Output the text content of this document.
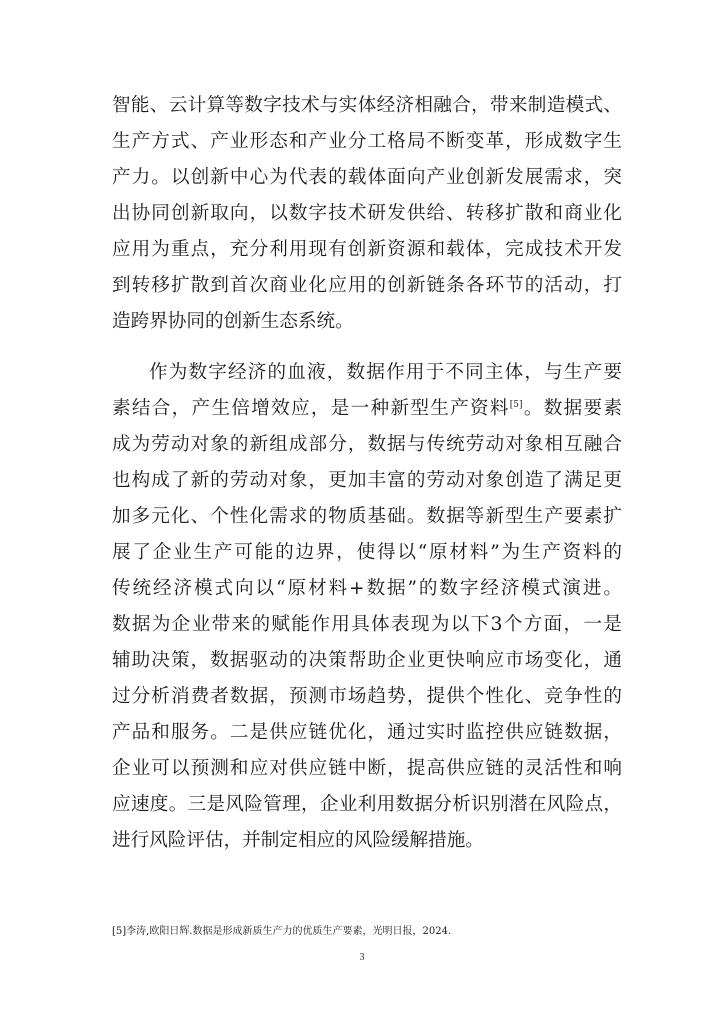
智能、云计算等数字技术与实体经济相融合，带来制造模式、
生产方式、产业形态和产业分工格局不断变革，形成数字生
产力。以创新中心为代表的载体面向产业创新发展需求，突
出协同创新取向，以数字技术研发供给、转移扩散和商业化
应用为重点，充分利用现有创新资源和载体，完成技术开发
到转移扩散到首次商业化应用的创新链条各环节的活动，打
造跨界协同的创新生态系统。
作为数字经济的血液，数据作用于不同主体，与生产要
素结合，产生倍增效应，是一种新型生产资料[5]。数据要素
成为劳动对象的新组成部分，数据与传统劳动对象相互融合
也构成了新的劳动对象，更加丰富的劳动对象创造了满足更
加多元化、个性化需求的物质基础。数据等新型生产要素扩
展了企业生产可能的边界，使得以“原材料”为生产资料的
传统经济模式向以“原材料+数据”的数字经济模式演进。
数据为企业带来的赋能作用具体表现为以下3个方面，一是
辅助决策，数据驱动的决策帮助企业更快响应市场变化，通
过分析消费者数据，预测市场趋势，提供个性化、竞争性的
产品和服务。二是供应链优化，通过实时监控供应链数据，
企业可以预测和应对供应链中断，提高供应链的灵活性和响
应速度。三是风险管理，企业利用数据分析识别潜在风险点，
进行风险评估，并制定相应的风险缓解措施。
[5]李涛,欧阳日辉.数据是形成新质生产力的优质生产要素，光明日报，2024.
3
